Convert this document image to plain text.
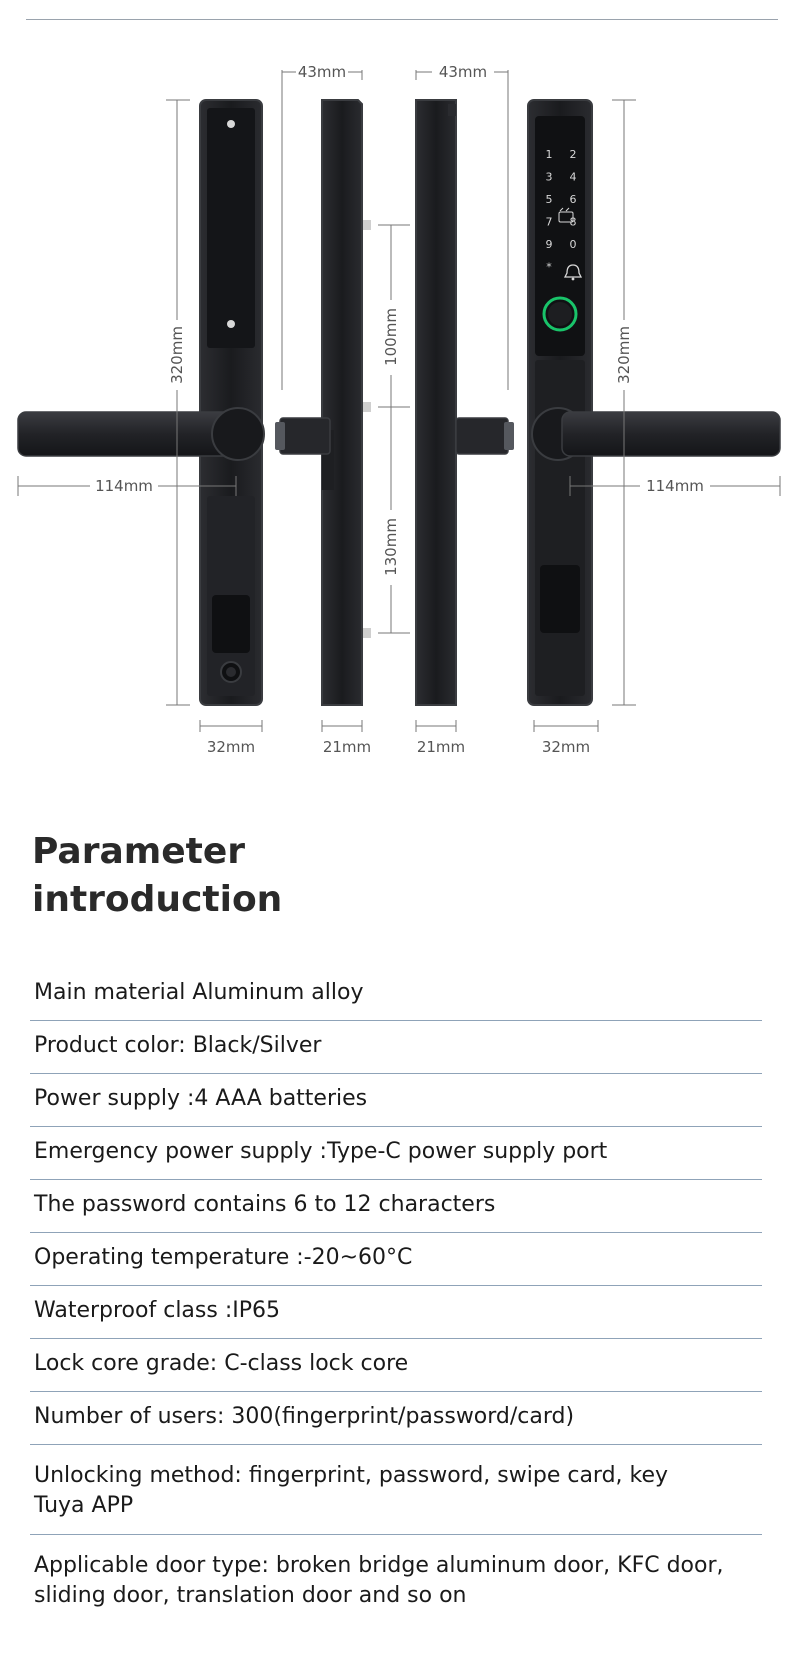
1 2
3 4
5 6
7 8
9 0
*
43mm	43mm
320mm	320mm
100mm
130mm
114mm	114mm
32mm	21mm	21mm	32mm
Parameter
introduction
Main material Aluminum alloy
Product color: Black/Silver
Power supply :4 AAA batteries
Emergency power supply :Type-C power supply port
The password contains 6 to 12 characters
Operating temperature :-20~60°C
Waterproof class :IP65
Lock core grade: C-class lock core
Number of users: 300(fingerprint/password/card)
Unlocking method: fingerprint, password, swipe card, key
Tuya APP
Applicable door type: broken bridge aluminum door, KFC door,
sliding door, translation door and so on
